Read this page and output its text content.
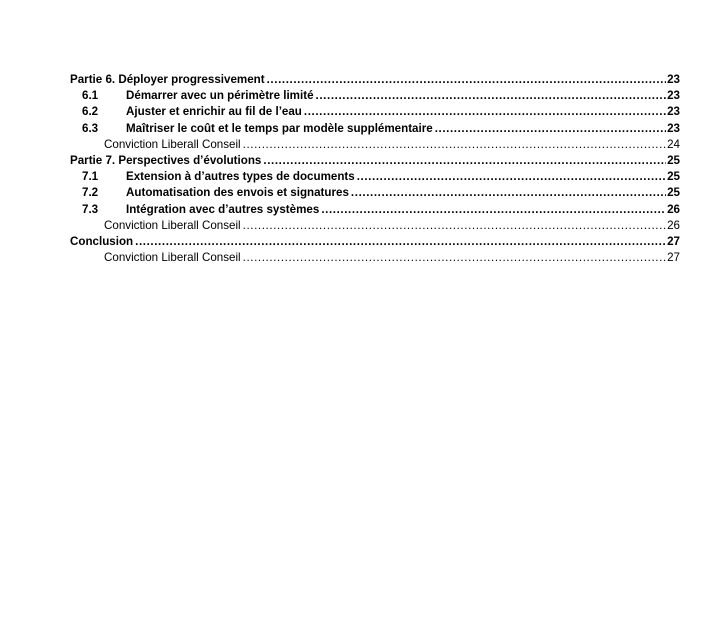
Partie 6. Déployer progressivement .....	23
6.1	Démarrer avec un périmètre limité .....	23
6.2	Ajuster et enrichir au fil de l’eau .....	23
6.3	Maîtriser le coût et le temps par modèle supplémentaire .....	23
Conviction Liberall Conseil .....	24
Partie 7. Perspectives d’évolutions .....	25
7.1	Extension à d’autres types de documents .....	25
7.2	Automatisation des envois et signatures .....	25
7.3	Intégration avec d’autres systèmes .....	26
Conviction Liberall Conseil .....	26
Conclusion .....	27
Conviction Liberall Conseil .....	27
